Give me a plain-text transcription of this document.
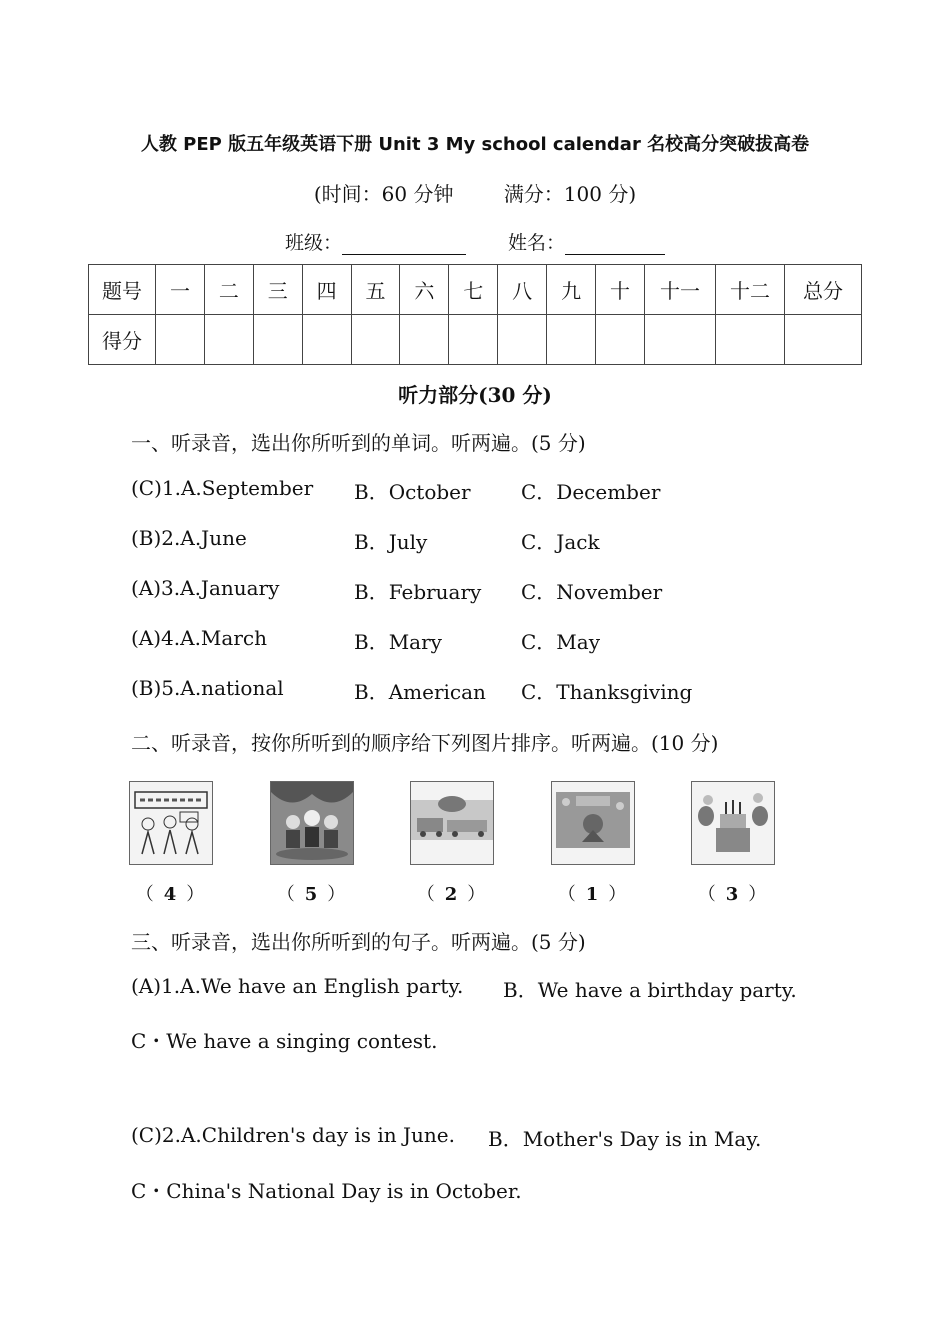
人教 PEP 版五年级英语下册 Unit 3 My school calendar 名校高分突破拔高卷
(时间：60 分钟	满分：100 分)
班级：	姓名：
题号	一	二	三	四	五	六	七	八	九	十	十一	十二	总分
得分													
听力部分(30 分)
一、听录音，选出你所听到的单词。听两遍。(5 分)
(C)1.A.September B．October	C．December
(B)2.A.June	B．July	C．Jack
(A)3.A.January	B．February C．November
(A)4.A.March	B．Mary	C．May
(B)5.A.national	B．American C．Thanksgiving
二、听录音，按你所听到的顺序给下列图片排序。听两遍。(10 分)
（ 4 ）	（ 5 ）	（ 2 ）	（ 1 ）	（ 3 ）
三、听录音，选出你所听到的句子。听两遍。(5 分)
(A)1.A.We have an English party. B．We have a birthday party.
C・We have a singing contest.
(C)2.A.Children's day is in June. B．Mother's Day is in May.
C・China's National Day is in October.
